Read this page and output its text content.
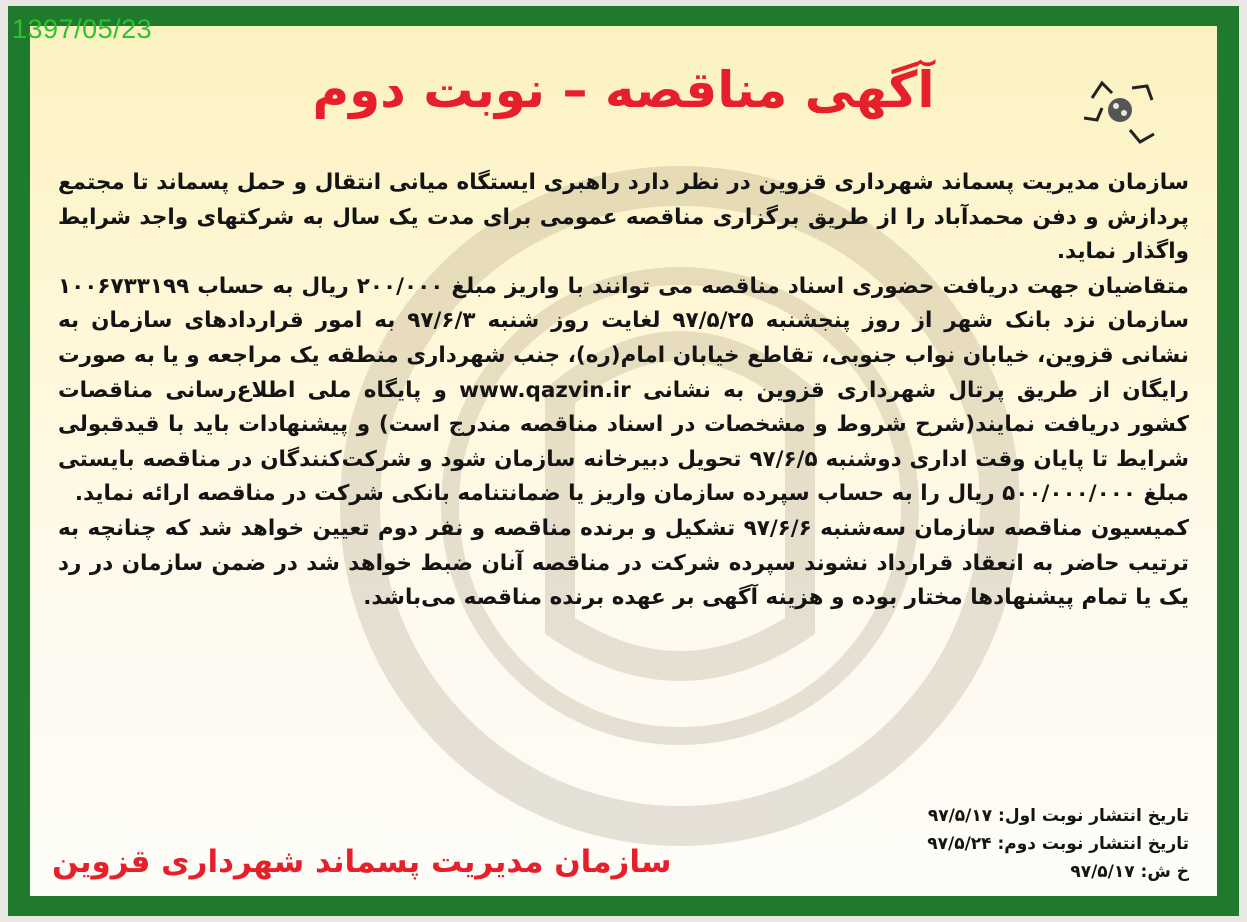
1397/05/23
آگهی مناقصه – نوبت دوم

سازمان مدیریت پسماند شهرداری قزوین در نظر دارد راهبری ایستگاه میانی انتقال و حمل پسماند تا مجتمع پردازش و دفن محمدآباد را از طریق برگزاری مناقصه عمومی برای مدت یک سال به شرکتهای واجد شرایط واگذار نماید.

متقاضیان جهت دریافت حضوری اسناد مناقصه می توانند با واریز مبلغ ۲۰۰/۰۰۰ ریال به حساب ۱۰۰۶۷۳۳۱۹۹ سازمان نزد بانک شهر از روز پنجشنبه ۹۷/۵/۲۵ لغایت روز شنبه ۹۷/۶/۳ به امور قراردادهای سازمان به نشانی قزوین، خیابان نواب جنوبی، تقاطع خیابان امام(ره)، جنب شهرداری منطقه یک مراجعه و یا به صورت رایگان از طریق پرتال شهرداری قزوین به نشانی www.qazvin.ir و پایگاه ملی اطلاع‌رسانی مناقصات کشور دریافت نمایند(شرح شروط و مشخصات در اسناد مناقصه مندرج است) و پیشنهادات باید با قیدقبولی شرایط تا پایان وقت اداری دوشنبه ۹۷/۶/۵ تحویل دبیرخانه سازمان شود و شرکت‌کنندگان در مناقصه بایستی مبلغ ۵۰۰/۰۰۰/۰۰۰ ریال را به حساب سپرده سازمان واریز یا ضمانتنامه بانکی شرکت در مناقصه ارائه نماید.

کمیسیون مناقصه سازمان سه‌شنبه ۹۷/۶/۶ تشکیل و برنده مناقصه و نفر دوم تعیین خواهد شد که چنانچه به ترتیب حاضر به انعقاد قرارداد نشوند سپرده شرکت در مناقصه آنان ضبط خواهد شد در ضمن سازمان در رد یک یا تمام پیشنهادها مختار بوده و هزینه آگهی بر عهده برنده مناقصه می‌باشد.

تاریخ انتشار نوبت اول: ۹۷/۵/۱۷
تاریخ انتشار نوبت دوم: ۹۷/۵/۲۴
خ ش: ۹۷/۵/۱۷
سازمان مدیریت پسماند شهرداری قزوین
